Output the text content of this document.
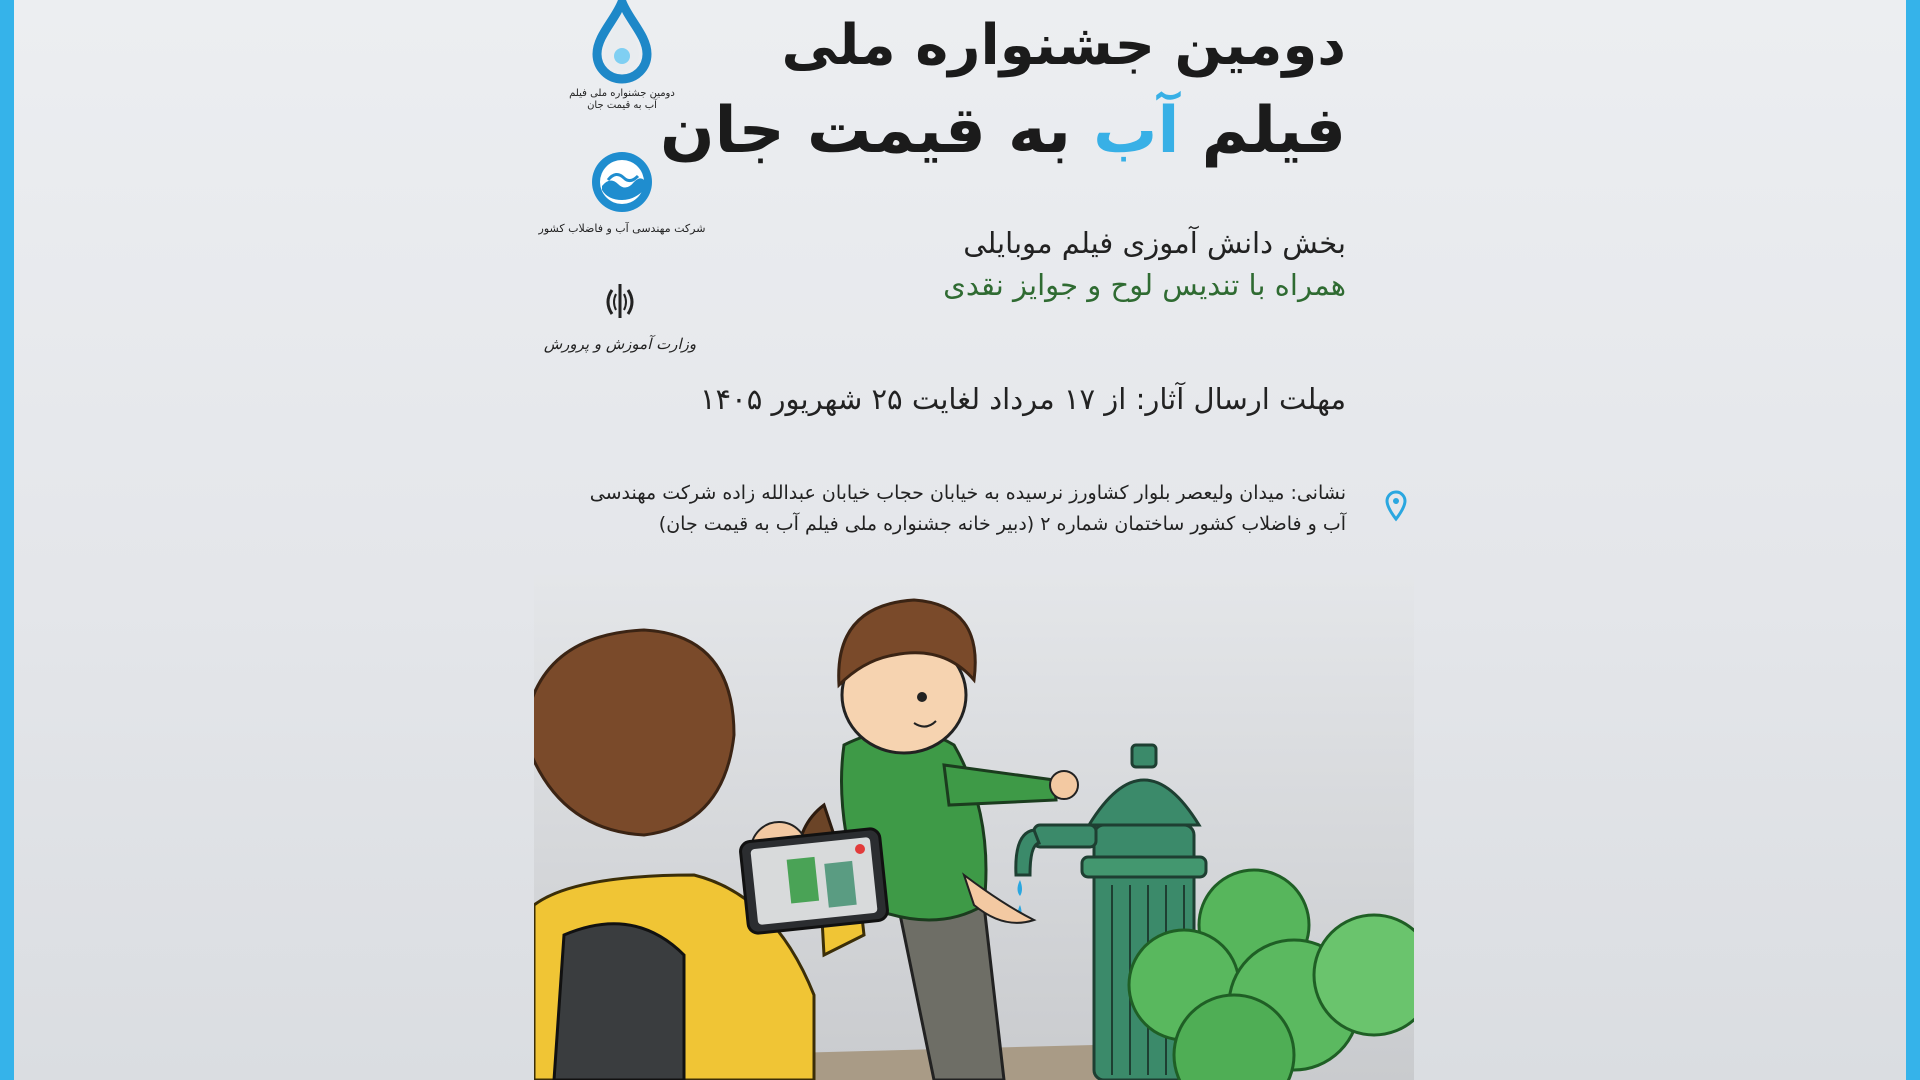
دومین جشنواره ملی فیلم
آب به قیمت جان
شرکت مهندسی آب و فاضلاب کشور
وزارت آموزش و پرورش
دومین جشنواره ملی
فیلم آب به قیمت جان
بخش دانش آموزی فیلم موبایلی
همراه با تندیس لوح و جوایز نقدی
مهلت ارسال آثار: از ۱۷ مرداد لغایت ۲۵ شهریور ۱۴۰۵
نشانی: میدان ولیعصر بلوار کشاورز نرسیده به خیابان حجاب خیابان عبدالله زاده شرکت مهندسی
آب و فاضلاب کشور ساختمان شماره ۲ (دبیر خانه جشنواره ملی فیلم آب به قیمت جان)
